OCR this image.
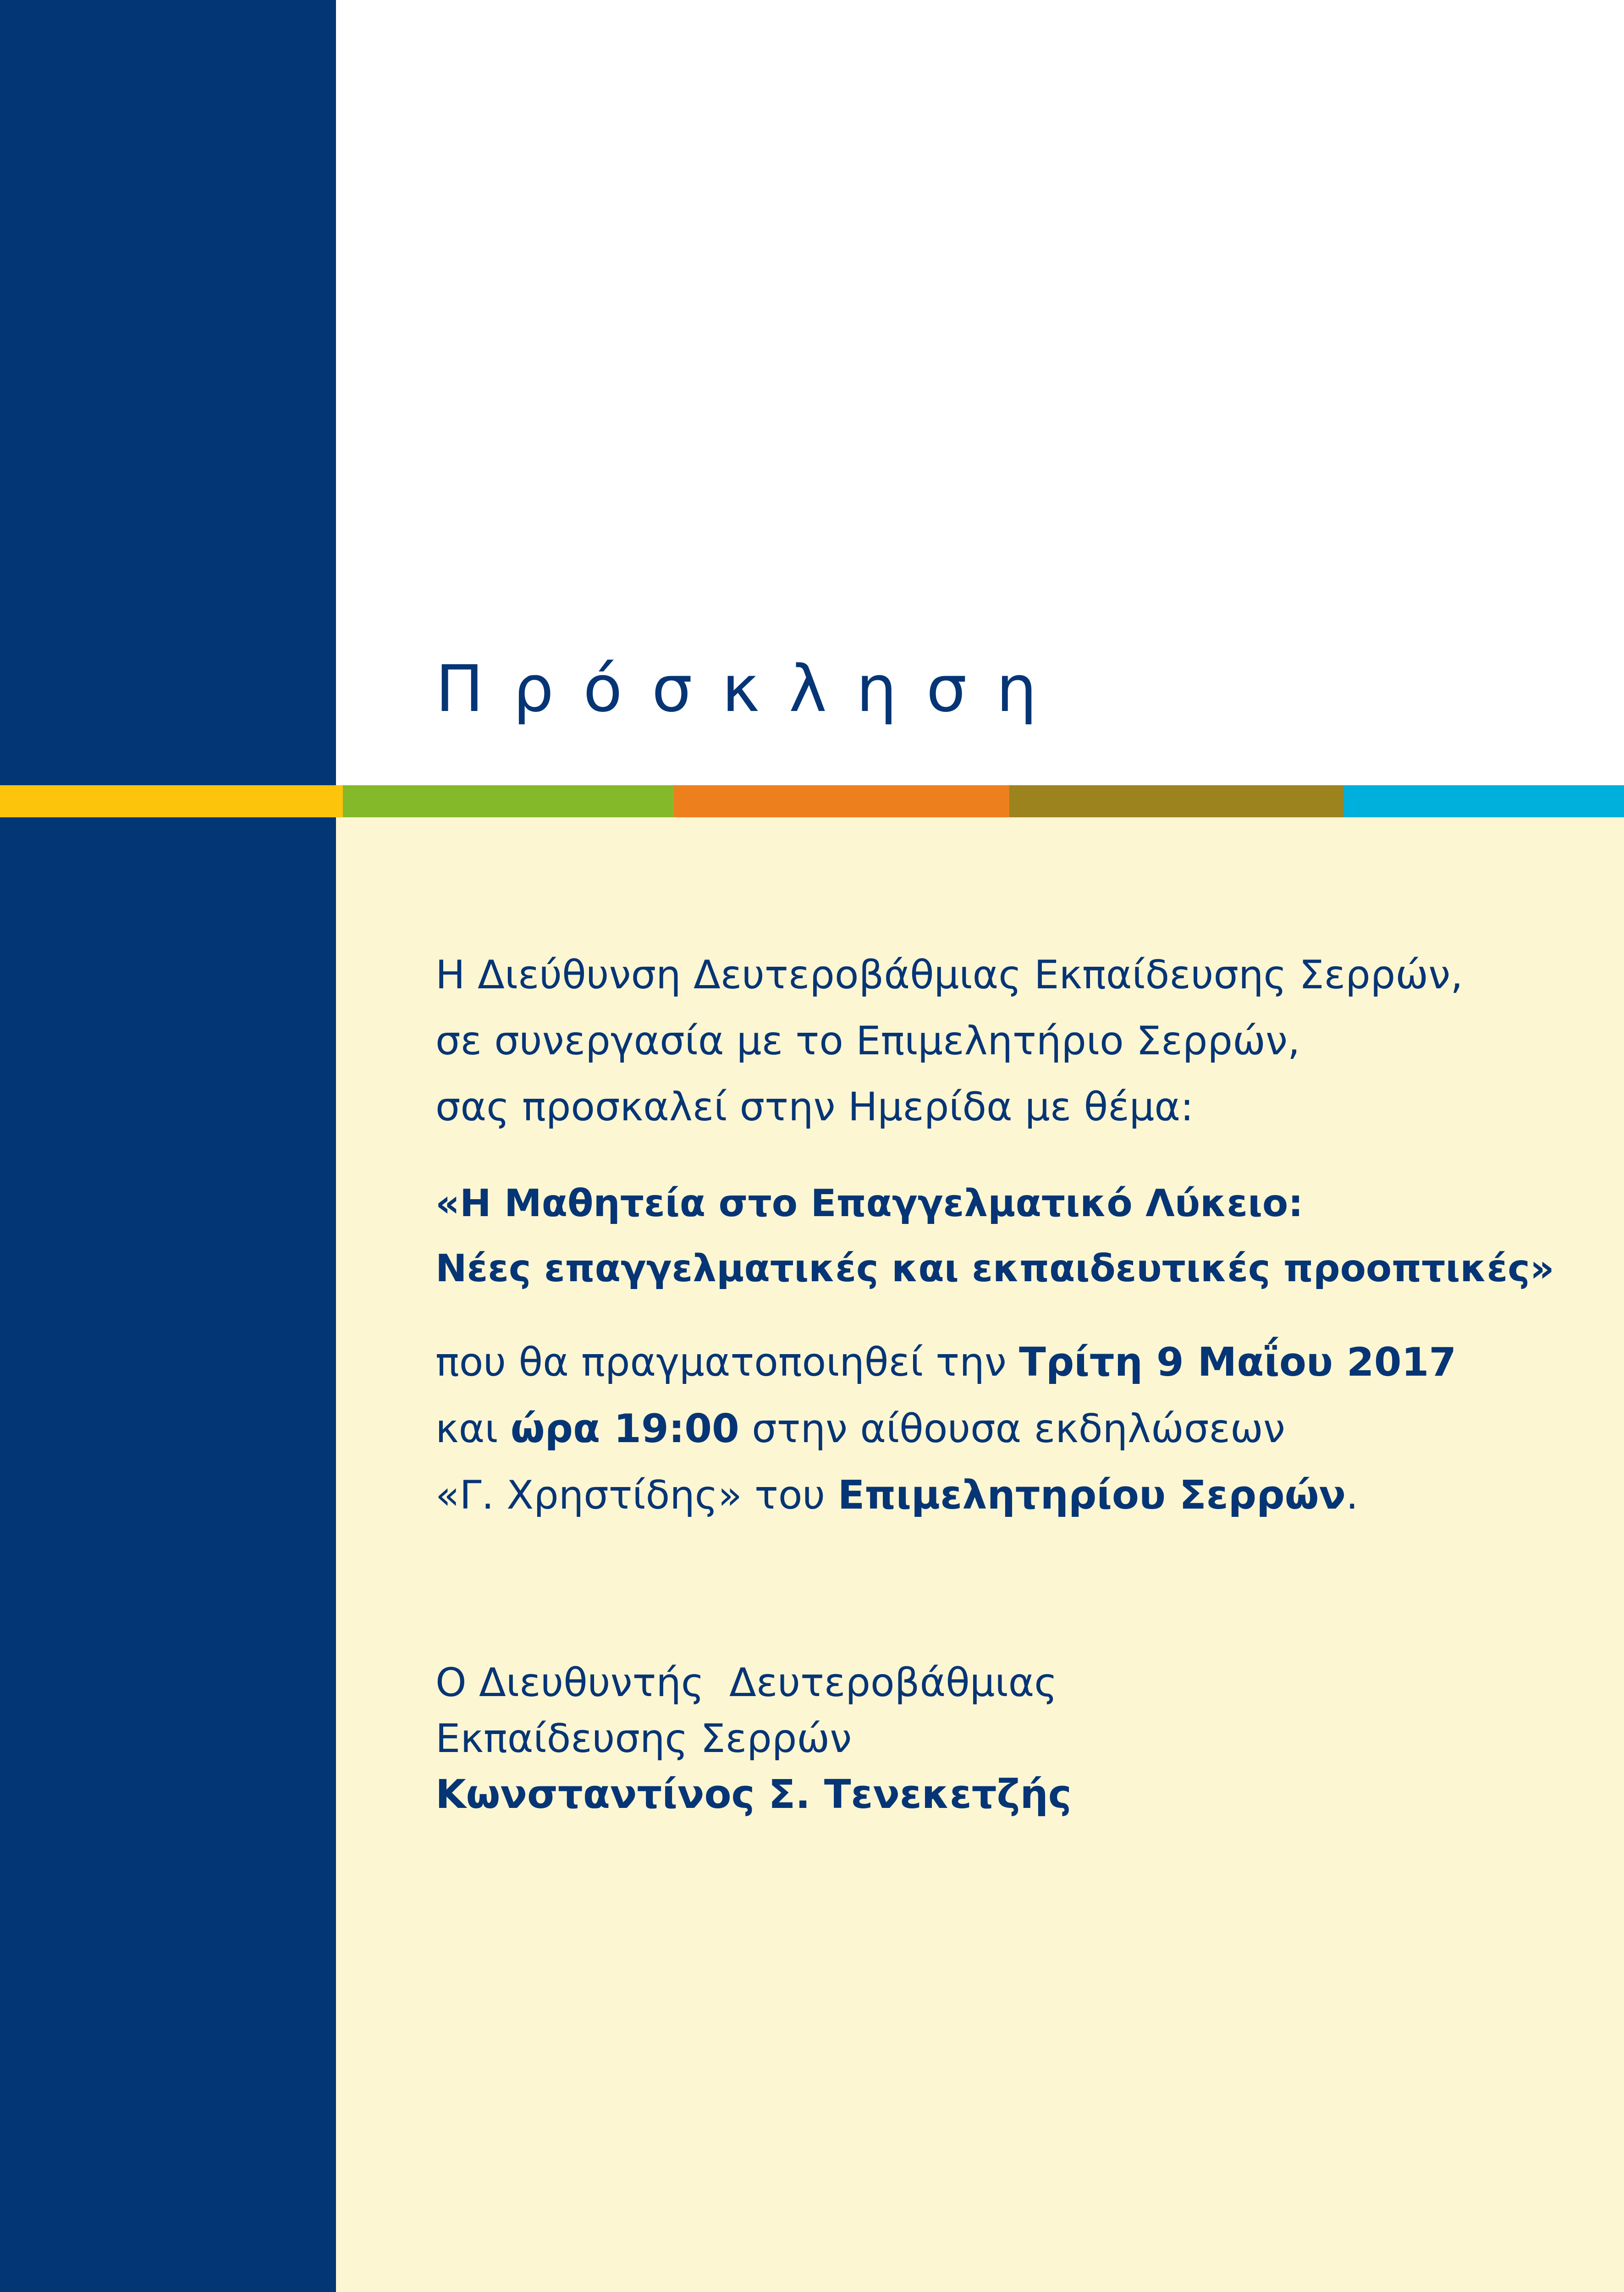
Πρόσκληση
Η Διεύθυνση Δευτεροβάθμιας Εκπαίδευσης Σερρών,
σε συνεργασία με το Επιμελητήριο Σερρών,
σας προσκαλεί στην Ημερίδα με θέμα:
«Η Μαθητεία στο Επαγγελματικό Λύκειο:
Νέες επαγγελματικές και εκπαιδευτικές προοπτικές»
που θα πραγματοποιηθεί την Τρίτη 9 Μαΐου 2017
και ώρα 19:00 στην αίθουσα εκδηλώσεων
«Γ. Χρηστίδης» του Επιμελητηρίου Σερρών.
Ο Διευθυντής  Δευτεροβάθμιας
Εκπαίδευσης Σερρών
Κωνσταντίνος Σ. Τενεκετζής
